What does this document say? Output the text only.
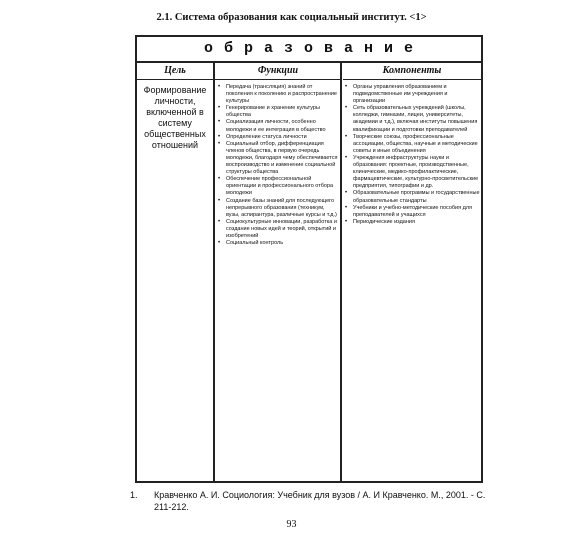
2.1. Система образования как социальный институт. <1>
о б р а з о в а н и е
Цель	Функции	Компоненты
Формирование личности, включенной в систему общественных отношений
• Передача (трансляция) знаний от поколения к поколению и распространение культуры
• Генерирование и хранение культуры общества
• Социализация личности, особенно молодежи и ее интеграция в общество
• Определение статуса личности
• Социальный отбор, дифференциация членов общества, в первую очередь молодежи, благодаря чему обеспечивается воспроизводство и изменение социальной структуры общества
• Обеспечение профессиональной ориентации и профессионального отбора молодежи
• Создание базы знаний для последующего непрерывного образования (техникум, вузы, аспирантура, различные курсы и т.д.)
• Социокультурные инновации, разработка и создание новых идей и теорий, открытий и изобретений
• Социальный контроль
• Органы управления образованием и подведомственные им учреждения и организации
• Сеть образовательных учреждений (школы, колледжи, гимназии, лицеи, университеты, академии и т.д.), включая институты повышения квалификации и подготовки преподавателей
• Творческие союзы, профессиональные ассоциации, общества, научные и методические советы и иные объединения
• Учреждения инфраструктуры науки и образования: проектные, производственные, клинические, медико-профилактические, фармацевтические, культурно-просветительские предприятия, типографии и др.
• Образовательные программы и государственные образовательные стандарты
• Учебники и учебно-методические пособия для преподавателей и учащихся
• Периодические издания
1. Кравченко А. И. Социология: Учебник для вузов / А. И Кравченко. М., 2001. - С. 211-212.
93
